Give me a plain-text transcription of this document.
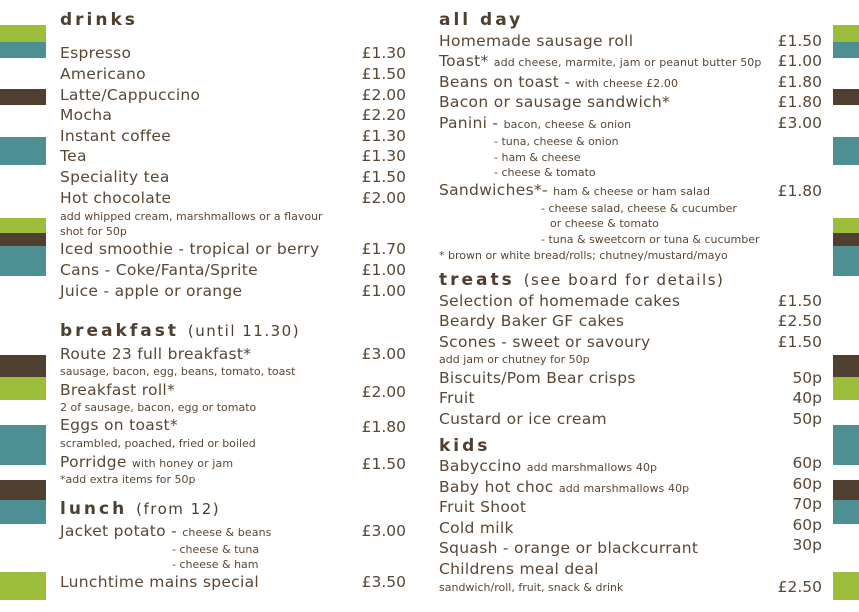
drinks
Espresso	£1.30
Americano	£1.50
Latte/Cappuccino	£2.00
Mocha	£2.20
Instant coffee	£1.30
Tea	£1.30
Speciality tea	£1.50
Hot chocolate	£2.00
add whipped cream, marshmallows or a flavour
shot for 50p
Iced smoothie - tropical or berry	£1.70
Cans - Coke/Fanta/Sprite	£1.00
Juice - apple or orange	£1.00
breakfast (until 11.30)
Route 23 full breakfast*	£3.00
sausage, bacon, egg, beans, tomato, toast
Breakfast roll*	£2.00
2 of sausage, bacon, egg or tomato
Eggs on toast*	£1.80
scrambled, poached, fried or boiled
Porridge with honey or jam	£1.50
*add extra items for 50p
lunch (from 12)
Jacket potato - cheese & beans	£3.00
- cheese & tuna
- cheese & ham
Lunchtime mains special	£3.50
all day
Homemade sausage roll	£1.50
Toast* add cheese, marmite, jam or peanut butter 50p £1.00
Beans on toast - with cheese £2.00	£1.80
Bacon or sausage sandwich*	£1.80
Panini - bacon, cheese & onion	£3.00
- tuna, cheese & onion
- ham & cheese
- cheese & tomato
Sandwiches*- ham & cheese or ham salad	£1.80
- cheese salad, cheese & cucumber
or cheese & tomato
- tuna & sweetcorn or tuna & cucumber
* brown or white bread/rolls; chutney/mustard/mayo
treats (see board for details)
Selection of homemade cakes	£1.50
Beardy Baker GF cakes	£2.50
Scones - sweet or savoury	£1.50
add jam or chutney for 50p
Biscuits/Pom Bear crisps	50p
Fruit	40p
Custard or ice cream	50p
kids
Babyccino add marshmallows 40p	60p
Baby hot choc add marshmallows 40p	60p
Fruit Shoot	70p
Cold milk	60p
Squash - orange or blackcurrant	30p
Childrens meal deal
sandwich/roll, fruit, snack & drink	£2.50
